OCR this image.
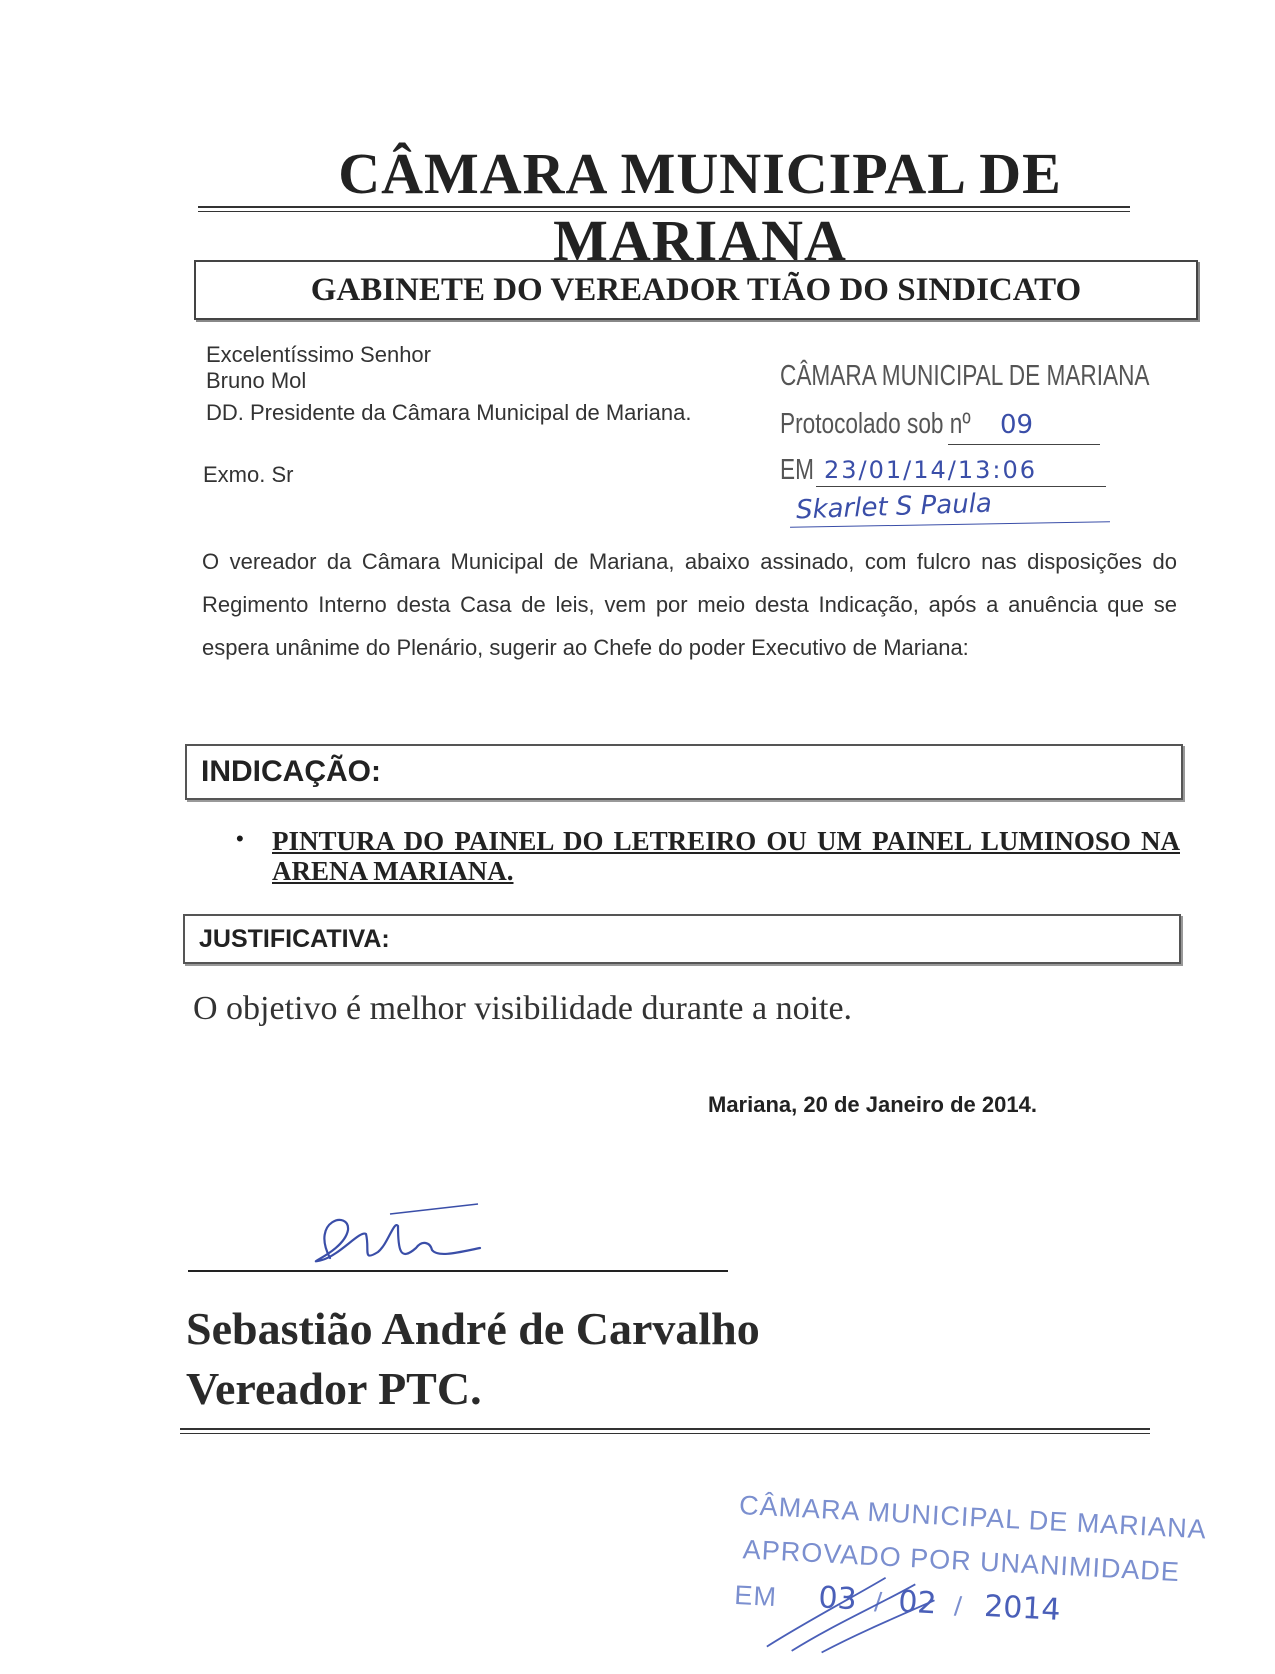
CÂMARA MUNICIPAL DE MARIANA
GABINETE DO VEREADOR TIÃO DO SINDICATO
Excelentíssimo Senhor
Bruno Mol
DD. Presidente da Câmara Municipal de Mariana.
Exmo. Sr
CÂMARA MUNICIPAL DE MARIANA
Protocolado sob nº 09
EM 23/01/14/13:06
Skarlet S Paula
O vereador da Câmara Municipal de Mariana, abaixo assinado, com fulcro nas disposições do Regimento Interno desta Casa de leis, vem por meio desta Indicação, após a anuência que se espera unânime do Plenário, sugerir ao Chefe do poder Executivo de Mariana:
INDICAÇÃO:
• PINTURA DO PAINEL DO LETREIRO OU UM PAINEL LUMINOSO NA ARENA MARIANA.
JUSTIFICATIVA:
O objetivo é melhor visibilidade durante a noite.
Mariana, 20 de Janeiro de 2014.
Sebastião André de Carvalho
Vereador PTC.
CÂMARA MUNICIPAL DE MARIANA
APROVADO POR UNANIMIDADE
EM 03 / 02 / 2014
